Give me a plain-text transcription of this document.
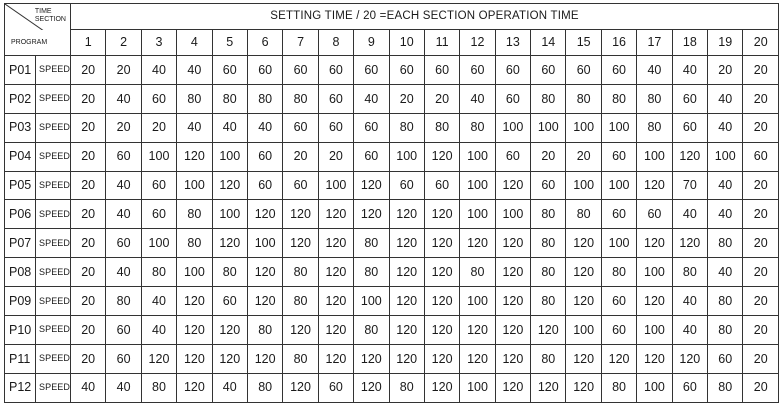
TIME
SECTION		SETTING TIME / 20 =EACH SECTION OPERATION TIME																			
PROGRAM		1	2	3	4	5	6	7	8	9	10	11	12	13	14	15	16	17	18	19	20
P01	SPEED	20	20	40	40	60	60	60	60	60	60	60	60	60	60	60	60	40	40	20	20
P02	SPEED	20	40	60	80	80	80	80	60	40	20	20	40	60	80	80	80	80	60	40	20
P03	SPEED	20	20	20	40	40	40	60	60	60	80	80	80	100	100	100	100	80	60	40	20
P04	SPEED	20	60	100	120	100	60	20	20	60	100	120	100	60	20	20	60	100	120	100	60
P05	SPEED	20	40	60	100	120	60	60	100	120	60	60	100	120	60	100	100	120	70	40	20
P06	SPEED	20	40	60	80	100	120	120	120	120	120	120	100	100	80	80	60	60	40	40	20
P07	SPEED	20	60	100	80	120	100	120	120	80	120	120	120	120	80	120	100	120	120	80	20
P08	SPEED	20	40	80	100	80	120	80	120	80	120	120	80	120	80	120	80	100	80	40	20
P09	SPEED	20	80	40	120	60	120	80	120	100	120	120	100	120	80	120	60	120	40	80	20
P10	SPEED	20	60	40	120	120	80	120	120	80	120	120	120	120	120	100	60	100	40	80	20
P11	SPEED	20	60	120	120	120	120	80	120	120	120	120	120	120	80	120	120	120	120	60	20
P12	SPEED	40	40	80	120	40	80	120	60	120	80	120	100	120	120	120	80	100	60	80	20
